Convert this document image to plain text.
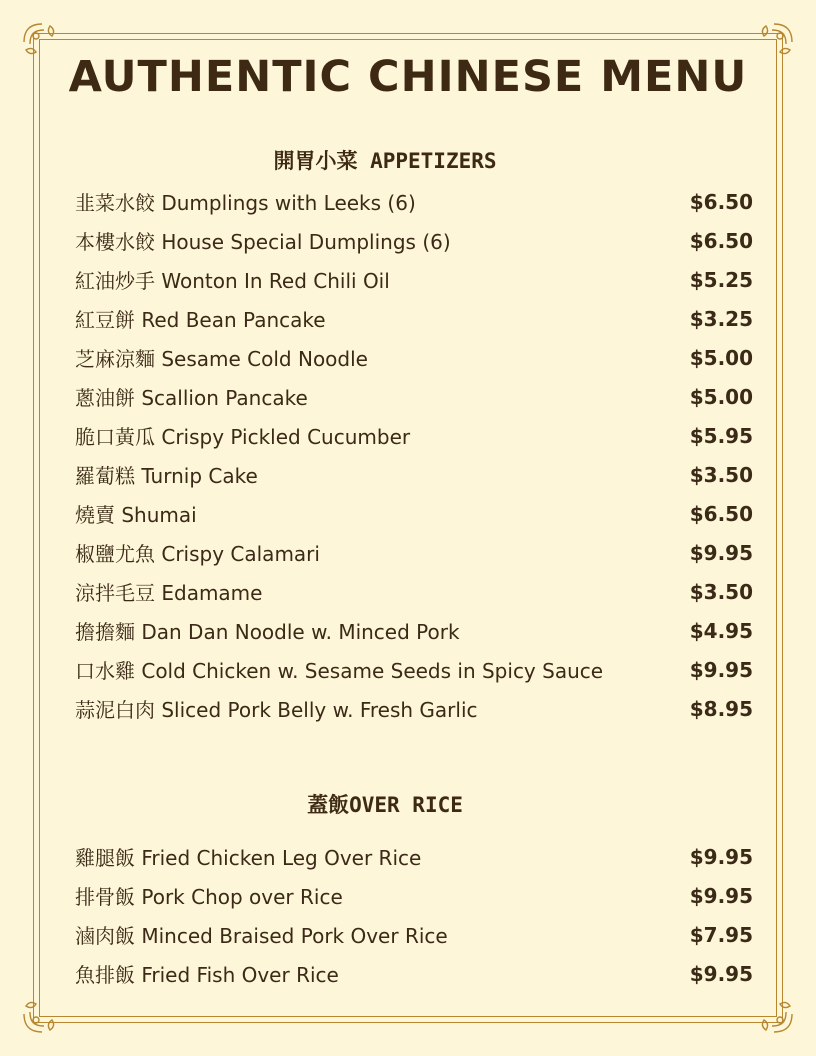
AUTHENTIC CHINESE MENU
開胃小菜 APPETIZERS
韭菜水餃 Dumplings with Leeks (6)	$6.50
本樓水餃 House Special Dumplings (6)	$6.50
紅油炒手 Wonton In Red Chili Oil	$5.25
紅豆餅 Red Bean Pancake	$3.25
芝麻涼麵 Sesame Cold Noodle	$5.00
蔥油餅 Scallion Pancake	$5.00
脆口黃瓜 Crispy Pickled Cucumber	$5.95
羅蔔糕 Turnip Cake	$3.50
燒賣 Shumai	$6.50
椒鹽尤魚 Crispy Calamari	$9.95
涼拌毛豆 Edamame	$3.50
擔擔麵 Dan Dan Noodle w. Minced Pork	$4.95
口水雞 Cold Chicken w. Sesame Seeds in Spicy Sauce	$9.95
蒜泥白肉 Sliced Pork Belly w. Fresh Garlic	$8.95
蓋飯OVER RICE
雞腿飯 Fried Chicken Leg Over Rice	$9.95
排骨飯 Pork Chop over Rice	$9.95
滷肉飯 Minced Braised Pork Over Rice	$7.95
魚排飯 Fried Fish Over Rice	$9.95
